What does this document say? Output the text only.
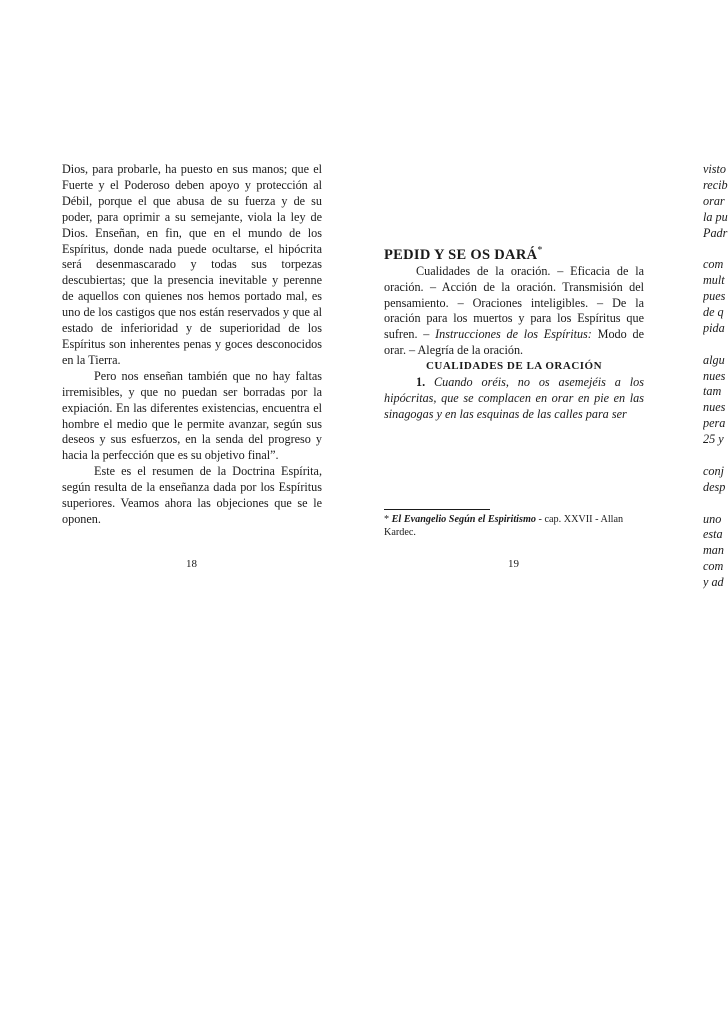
Dios, para probarle, ha puesto en sus manos; que el Fuerte y el Poderoso deben apoyo y protección al Débil, porque el que abusa de su fuerza y de su poder, para oprimir a su semejante, viola la ley de Dios. Enseñan, en fin, que en el mundo de los Espíritus, donde nada puede ocultarse, el hipócrita será desenmascarado y todas sus torpezas descubiertas; que la presencia inevitable y perenne de aquellos con quienes nos hemos portado mal, es uno de los castigos que nos están reservados y que al estado de inferioridad y de superioridad de los Espíritus son inherentes penas y goces desconocidos en la Tierra.

Pero nos enseñan también que no hay faltas irremisibles, y que no puedan ser borradas por la expiación. En las diferentes existencias, encuentra el hombre el medio que le permite avanzar, según sus deseos y sus esfuerzos, en la senda del progreso y hacia la perfección que es su objetivo final”.

Este es el resumen de la Doctrina Espírita, según resulta de la enseñanza dada por los Espíritus superiores. Veamos ahora las objeciones que se le oponen.

18

PEDID Y SE OS DARÁ*

Cualidades de la oración. – Eficacia de la oración. – Acción de la oración. Transmisión del pensamiento. – Oraciones inteligibles. – De la oración para los muertos y para los Espíritus que sufren. – Instrucciones de los Espíritus: Modo de orar. – Alegría de la oración.

CUALIDADES DE LA ORACIÓN

1. Cuando oréis, no os asemejéis a los hipócritas, que se complacen en orar en pie en las sinagogas y en las esquinas de las calles para ser

* El Evangelio Según el Espiritismo - cap. XXVII - Allan Kardec.
19
visto
recib
orar
la pu
Padr
com
mult
pues
de q
pida
algu
nues
tam
nues
pera
25 y
conj
desp
uno
esta
man
com
y ad
